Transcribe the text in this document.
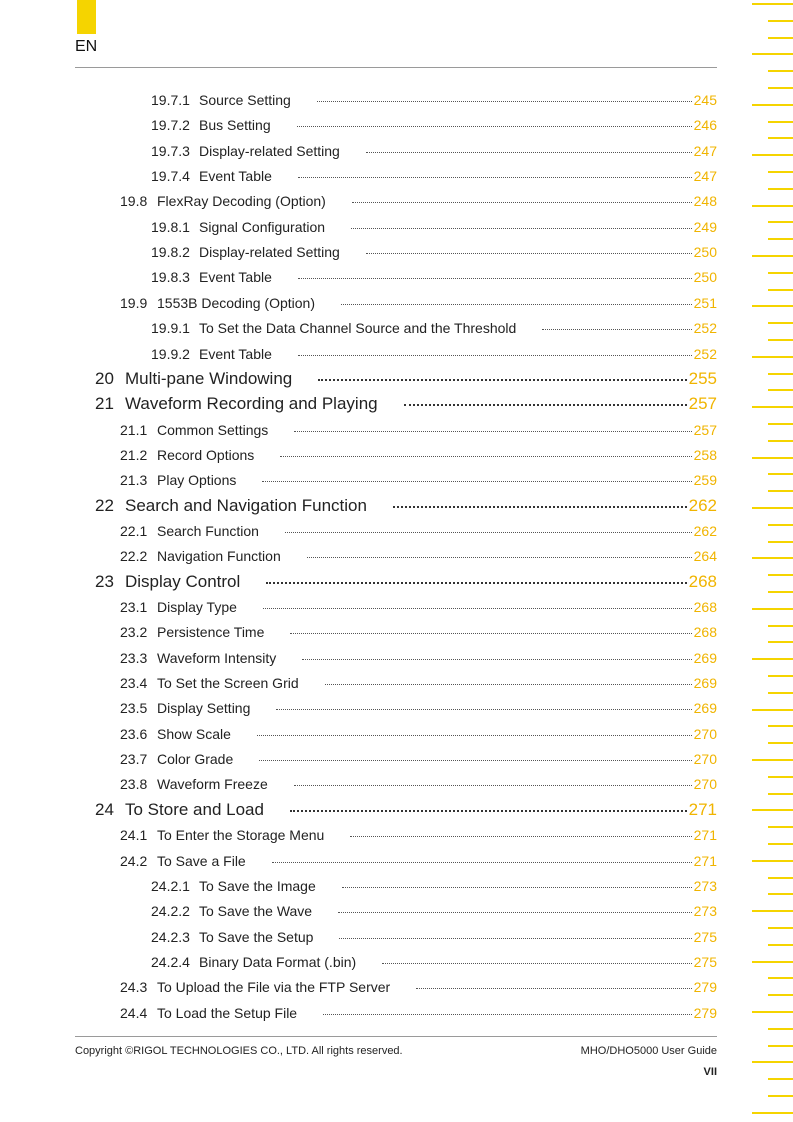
EN
19.7.1 Source Setting	245
19.7.2 Bus Setting	246
19.7.3 Display-related Setting	247
19.7.4 Event Table	247
19.8 FlexRay Decoding (Option)	248
19.8.1 Signal Configuration	249
19.8.2 Display-related Setting	250
19.8.3 Event Table	250
19.9 1553B Decoding (Option)	251
19.9.1 To Set the Data Channel Source and the Threshold	252
19.9.2 Event Table	252
20 Multi-pane Windowing	255
21 Waveform Recording and Playing	257
21.1 Common Settings	257
21.2 Record Options	258
21.3 Play Options	259
22 Search and Navigation Function	262
22.1 Search Function	262
22.2 Navigation Function	264
23 Display Control	268
23.1 Display Type	268
23.2 Persistence Time	268
23.3 Waveform Intensity	269
23.4 To Set the Screen Grid	269
23.5 Display Setting	269
23.6 Show Scale	270
23.7 Color Grade	270
23.8 Waveform Freeze	270
24 To Store and Load	271
24.1 To Enter the Storage Menu	271
24.2 To Save a File	271
24.2.1 To Save the Image	273
24.2.2 To Save the Wave	273
24.2.3 To Save the Setup	275
24.2.4 Binary Data Format (.bin)	275
24.3 To Upload the File via the FTP Server	279
24.4 To Load the Setup File	279
Copyright ©RIGOL TECHNOLOGIES CO., LTD. All rights reserved.	MHO/DHO5000 User Guide
VII
